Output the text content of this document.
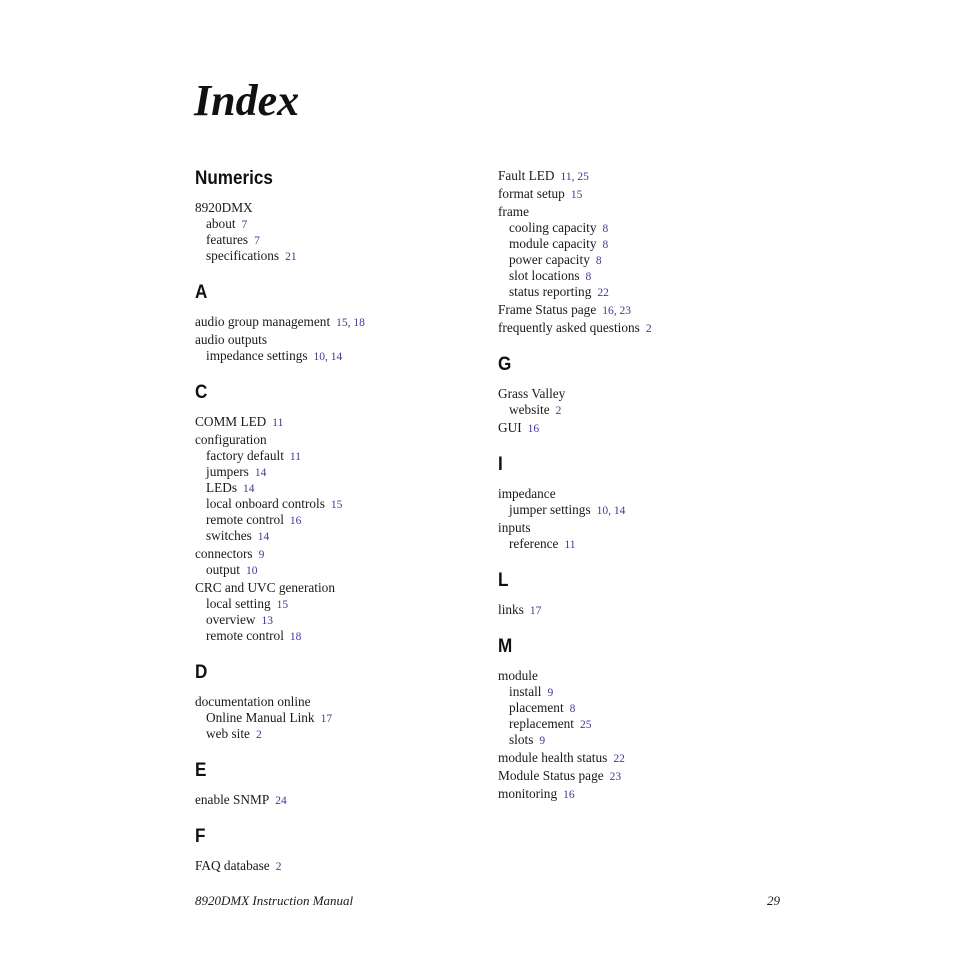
Index
Numerics
8920DMX
about 7
features 7
specifications 21
A
audio group management 15, 18
audio outputs
impedance settings 10, 14
C
COMM LED 11
configuration
factory default 11
jumpers 14
LEDs 14
local onboard controls 15
remote control 16
switches 14
connectors 9
output 10
CRC and UVC generation
local setting 15
overview 13
remote control 18
D
documentation online
Online Manual Link 17
web site 2
E
enable SNMP 24
F
FAQ database 2
Fault LED 11, 25
format setup 15
frame
cooling capacity 8
module capacity 8
power capacity 8
slot locations 8
status reporting 22
Frame Status page 16, 23
frequently asked questions 2
G
Grass Valley
website 2
GUI 16
I
impedance
jumper settings 10, 14
inputs
reference 11
L
links 17
M
module
install 9
placement 8
replacement 25
slots 9
module health status 22
Module Status page 23
monitoring 16
8920DMX Instruction Manual	29
